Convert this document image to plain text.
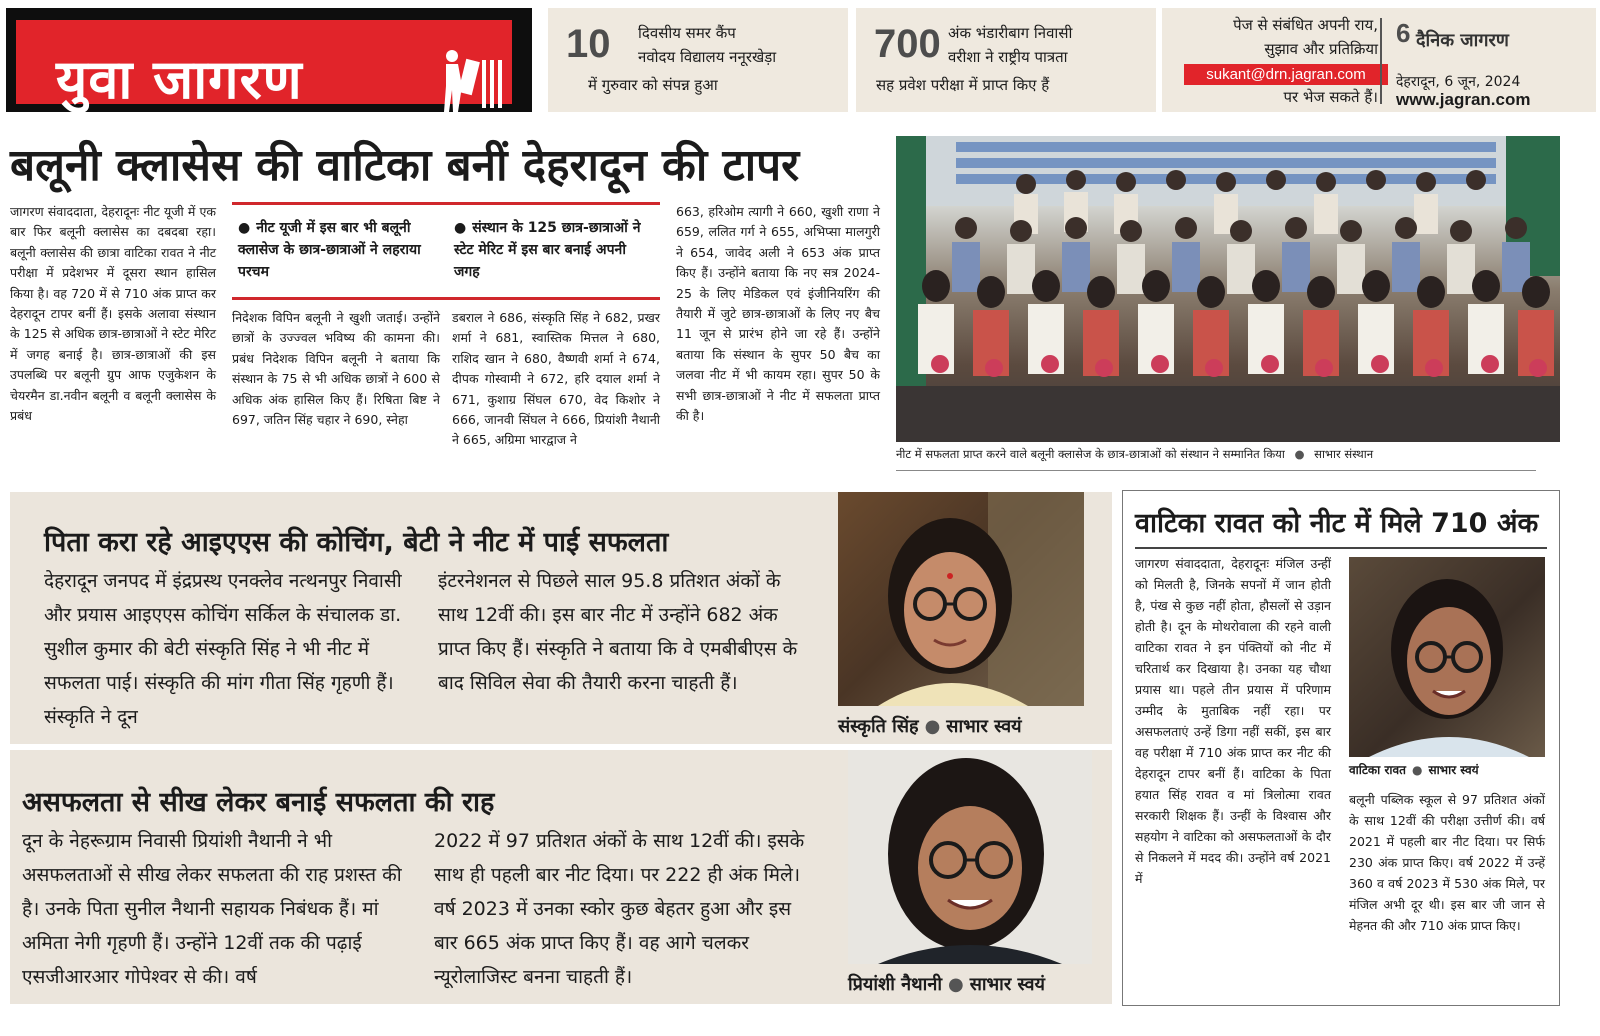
युवा जागरण
10 दिवसीय समर कैंप
नवोदय विद्यालय ननूरखेड़ा
में गुरुवार को संपन्न हुआ
700 अंक भंडारीबाग निवासी
वरीशा ने राष्ट्रीय पात्रता
सह प्रवेश परीक्षा में प्राप्त किए हैं
पेज से संबंधित अपनी राय,
सुझाव और प्रतिक्रिया
sukant@drn.jagran.com
पर भेज सकते हैं।
6 दैनिक जागरण
देहरादून, 6 जून, 2024
www.jagran.com
बलूनी क्लासेस की वाटिका बनीं देहरादून की टापर
जागरण संवाददाता, देहरादूनः नीट यूजी में एक बार फिर बलूनी क्लासेस का दबदबा रहा। बलूनी क्लासेस की छात्रा वाटिका रावत ने नीट परीक्षा में प्रदेशभर में दूसरा स्थान हासिल किया है। वह 720 में से 710 अंक प्राप्त कर देहरादून टापर बनीं हैं। इसके अलावा संस्थान के 125 से अधिक छात्र-छात्राओं ने स्टेट मेरिट में जगह बनाई है। छात्र-छात्राओं की इस उपलब्धि पर बलूनी ग्रुप आफ एजुकेशन के चेयरमैन डा.नवीन बलूनी व बलूनी क्लासेस के प्रबंध
● नीट यूजी में इस बार भी बलूनी क्लासेज के छात्र-छात्राओं ने लहराया परचम
● संस्थान के 125 छात्र-छात्राओं ने स्टेट मेरिट में इस बार बनाई अपनी जगह
निदेशक विपिन बलूनी ने खुशी जताई। उन्होंने छात्रों के उज्ज्वल भविष्य की कामना की। प्रबंध निदेशक विपिन बलूनी ने बताया कि संस्थान के 75 से भी अधिक छात्रों ने 600 से अधिक अंक हासिल किए हैं। रिषिता बिष्ट ने 697, जतिन सिंह चहार ने 690, स्नेहा
डबराल ने 686, संस्कृति सिंह ने 682, प्रखर शर्मा ने 681, स्वास्तिक मित्तल ने 680, राशिद खान ने 680, वैष्णवी शर्मा ने 674, दीपक गोस्वामी ने 672, हरि दयाल शर्मा ने 671, कुशाग्र सिंघल 670, वेद किशोर ने 666, जानवी सिंघल ने 666, प्रियांशी नैथानी ने 665, अग्रिमा भारद्वाज ने
663, हरिओम त्यागी ने 660, खुशी राणा ने 659, ललित गर्ग ने 655, अभिप्सा मालगुरी ने 654, जावेद अली ने 653 अंक प्राप्त किए हैं। उन्होंने बताया कि नए सत्र 2024-25 के लिए मेडिकल एवं इंजीनियरिंग की तैयारी में जुटे छात्र-छात्राओं के लिए नए बैच 11 जून से प्रारंभ होने जा रहे हैं। उन्होंने बताया कि संस्थान के सुपर 50 बैच का जलवा नीट में भी कायम रहा। सुपर 50 के सभी छात्र-छात्राओं ने नीट में सफलता प्राप्त की है।
नीट में सफलता प्राप्त करने वाले बलूनी क्लासेज के छात्र-छात्राओं को संस्थान ने सम्मानित किया ● साभार संस्थान
पिता करा रहे आइएएस की कोचिंग, बेटी ने नीट में पाई सफलता
देहरादून जनपद में इंद्रप्रस्थ एनक्लेव नत्थनपुर निवासी और प्रयास आइएएस कोचिंग सर्किल के संचालक डा. सुशील कुमार की बेटी संस्कृति सिंह ने भी नीट में सफलता पाई। संस्कृति की मांग गीता सिंह गृहणी हैं। संस्कृति ने दून
इंटरनेशनल से पिछले साल 95.8 प्रतिशत अंकों के साथ 12वीं की। इस बार नीट में उन्होंने 682 अंक प्राप्त किए हैं। संस्कृति ने बताया कि वे एमबीबीएस के बाद सिविल सेवा की तैयारी करना चाहती हैं।
संस्कृति सिंह ● साभार स्वयं
असफलता से सीख लेकर बनाई सफलता की राह
दून के नेहरूग्राम निवासी प्रियांशी नैथानी ने भी असफलताओं से सीख लेकर सफलता की राह प्रशस्त की है। उनके पिता सुनील नैथानी सहायक निबंधक हैं। मां अमिता नेगी गृहणी हैं। उन्होंने 12वीं तक की पढ़ाई एसजीआरआर गोपेश्वर से की। वर्ष
2022 में 97 प्रतिशत अंकों के साथ 12वीं की। इसके साथ ही पहली बार नीट दिया। पर 222 ही अंक मिले। वर्ष 2023 में उनका स्कोर कुछ बेहतर हुआ और इस बार 665 अंक प्राप्त किए हैं। वह आगे चलकर न्यूरोलाजिस्ट बनना चाहती हैं।	प्रियांशी नैथानी ● साभार स्वयं
वाटिका रावत को नीट में मिले 710 अंक
जागरण संवाददाता, देहरादूनः मंजिल उन्हीं को मिलती है, जिनके सपनों में जान होती है, पंख से कुछ नहीं होता, हौसलों से उड़ान होती है। दून के मोथरोवाला की रहने वाली वाटिका रावत ने इन पंक्तियों को नीट में चरितार्थ कर दिखाया है। उनका यह चौथा प्रयास था। पहले तीन प्रयास में परिणाम उम्मीद के मुताबिक नहीं रहा। पर असफलताएं उन्हें डिगा नहीं सकीं, इस बार वह परीक्षा में 710 अंक प्राप्त कर नीट की देहरादून टापर बनीं हैं। वाटिका के पिता हयात सिंह रावत व मां त्रिलोत्मा रावत सरकारी शिक्षक हैं। उन्हीं के विश्वास और सहयोग ने वाटिका को असफलताओं के दौर से निकलने में मदद की। उन्होंने वर्ष 2021 में
वाटिका रावत ● साभार स्वयं
बलूनी पब्लिक स्कूल से 97 प्रतिशत अंकों के साथ 12वीं की परीक्षा उत्तीर्ण की। वर्ष 2021 में पहली बार नीट दिया। पर सिर्फ 230 अंक प्राप्त किए। वर्ष 2022 में उन्हें 360 व वर्ष 2023 में 530 अंक मिले, पर मंजिल अभी दूर थी। इस बार जी जान से मेहनत की और 710 अंक प्राप्त किए।
